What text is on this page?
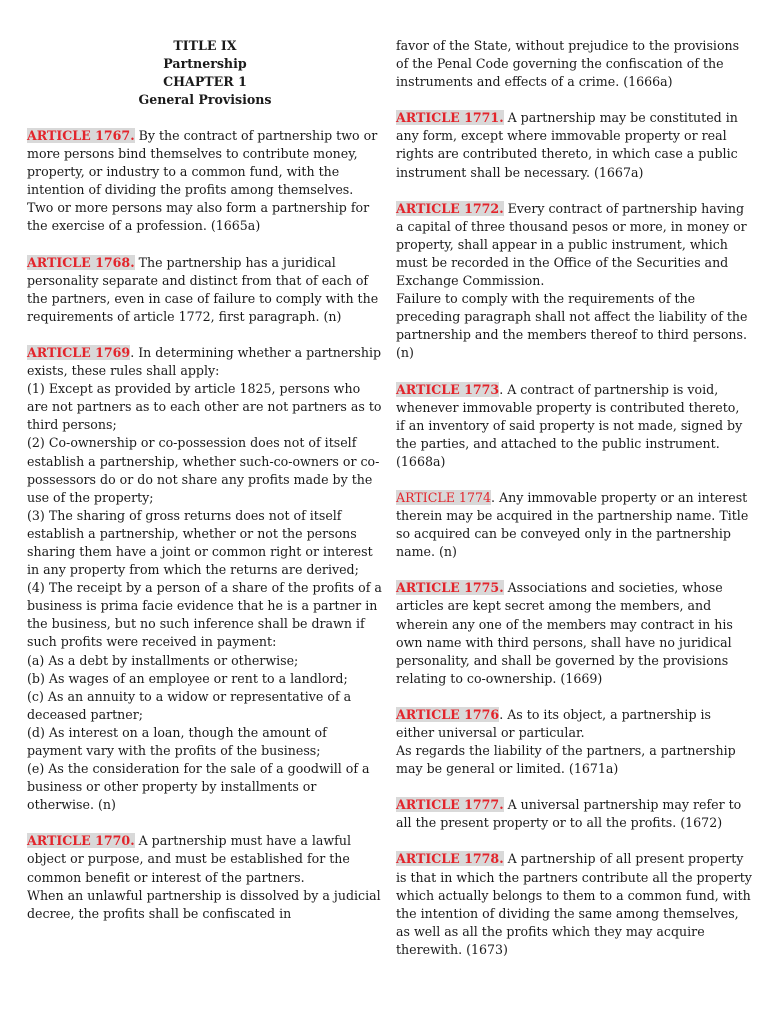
TITLE IX

Partnership

CHAPTER 1

General Provisions

ARTICLE 1767. By the contract of partnership two or more persons bind themselves to contribute money, property, or industry to a common fund, with the intention of dividing the profits among themselves.

Two or more persons may also form a partnership for the exercise of a profession. (1665a)

ARTICLE 1768. The partnership has a juridical personality separate and distinct from that of each of the partners, even in case of failure to comply with the requirements of article 1772, first paragraph. (n)

ARTICLE 1769. In determining whether a partnership exists, these rules shall apply:

(1) Except as provided by article 1825, persons who are not partners as to each other are not partners as to third persons;

(2) Co-ownership or co-possession does not of itself establish a partnership, whether such-co-owners or co-possessors do or do not share any profits made by the use of the property;

(3) The sharing of gross returns does not of itself establish a partnership, whether or not the persons sharing them have a joint or common right or interest in any property from which the returns are derived;

(4) The receipt by a person of a share of the profits of a business is prima facie evidence that he is a partner in the business, but no such inference shall be drawn if such profits were received in payment:

(a) As a debt by installments or otherwise;

(b) As wages of an employee or rent to a landlord;

(c) As an annuity to a widow or representative of a deceased partner;

(d) As interest on a loan, though the amount of payment vary with the profits of the business;

(e) As the consideration for the sale of a goodwill of a business or other property by installments or otherwise. (n)

ARTICLE 1770. A partnership must have a lawful object or purpose, and must be established for the common benefit or interest of the partners.

When an unlawful partnership is dissolved by a judicial decree, the profits shall be confiscated in

favor of the State, without prejudice to the provisions of the Penal Code governing the confiscation of the instruments and effects of a crime. (1666a)

ARTICLE 1771. A partnership may be constituted in any form, except where immovable property or real rights are contributed thereto, in which case a public instrument shall be necessary. (1667a)

ARTICLE 1772. Every contract of partnership having a capital of three thousand pesos or more, in money or property, shall appear in a public instrument, which must be recorded in the Office of the Securities and Exchange Commission.

Failure to comply with the requirements of the preceding paragraph shall not affect the liability of the partnership and the members thereof to third persons. (n)

ARTICLE 1773. A contract of partnership is void, whenever immovable property is contributed thereto, if an inventory of said property is not made, signed by the parties, and attached to the public instrument. (1668a)

ARTICLE 1774. Any immovable property or an interest therein may be acquired in the partnership name. Title so acquired can be conveyed only in the partnership name. (n)

ARTICLE 1775. Associations and societies, whose articles are kept secret among the members, and wherein any one of the members may contract in his own name with third persons, shall have no juridical personality, and shall be governed by the provisions relating to co-ownership. (1669)

ARTICLE 1776. As to its object, a partnership is either universal or particular.

As regards the liability of the partners, a partnership may be general or limited. (1671a)

ARTICLE 1777. A universal partnership may refer to all the present property or to all the profits. (1672)

ARTICLE 1778. A partnership of all present property is that in which the partners contribute all the property which actually belongs to them to a common fund, with the intention of dividing the same among themselves, as well as all the profits which they may acquire therewith. (1673)
